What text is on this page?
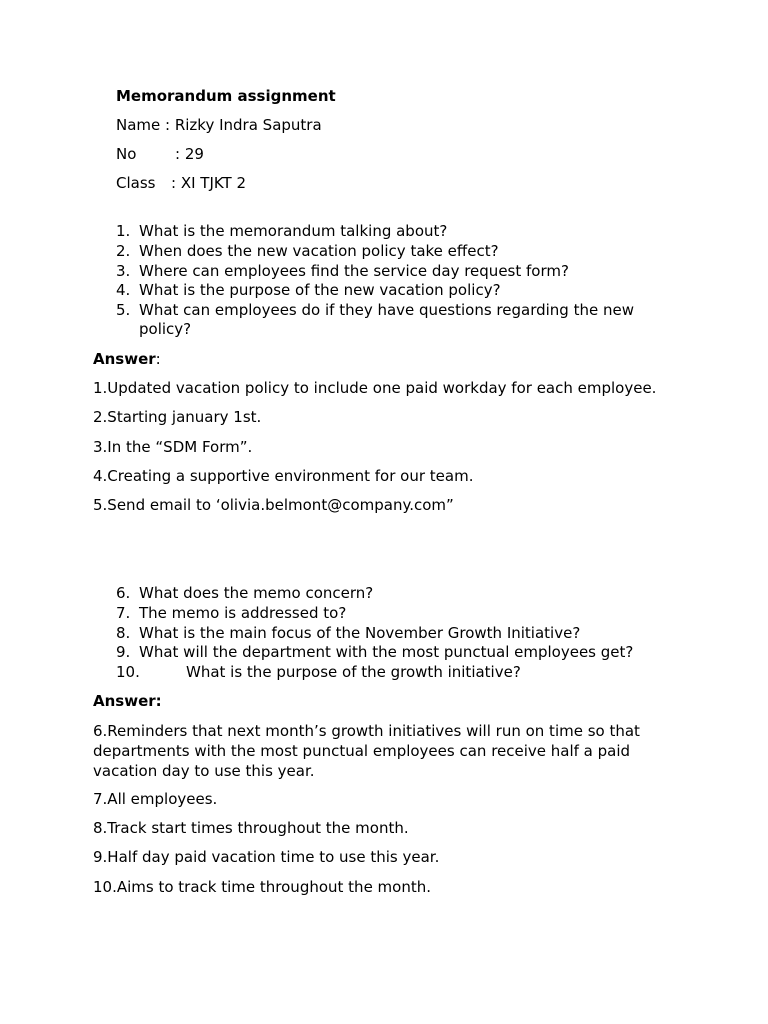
Memorandum assignment
Name : Rizky Indra Saputra
No	: 29
Class : XI TJKT 2
1. What is the memorandum talking about?
2. When does the new vacation policy take effect?
3. Where can employees find the service day request form?
4. What is the purpose of the new vacation policy?
5. What can employees do if they have questions regarding the new
policy?
Answer:
1.Updated vacation policy to include one paid workday for each employee.
2.Starting january 1st.
3.In the “SDM Form”.
4.Creating a supportive environment for our team.
5.Send email to ‘olivia.belmont@company.com”
6. What does the memo concern?
7. The memo is addressed to?
8. What is the main focus of the November Growth Initiative?
9. What will the department with the most punctual employees get?
10.	What is the purpose of the growth initiative?
Answer:
6.Reminders that next month’s growth initiatives will run on time so that departments with the most punctual employees can receive half a paid vacation day to use this year.
7.All employees.
8.Track start times throughout the month.
9.Half day paid vacation time to use this year.
10.Aims to track time throughout the month.
